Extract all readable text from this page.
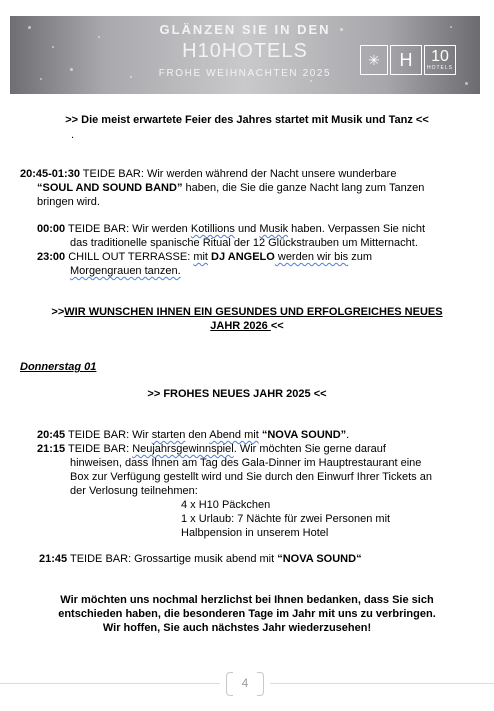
GLÄNZEN SIE IN DEN
H10HOTELS
FROHE WEIHNACHTEN 2025
✳	H	10
HOTELS
>> Die meist erwartete Feier des Jahres startet mit Musik und Tanz <<
.
20:45-01:30 TEIDE BAR: Wir werden während der Nacht unsere wunderbare
“SOUL AND SOUND BAND” haben, die Sie die ganze Nacht lang zum Tanzen
bringen wird.
00:00 TEIDE BAR: Wir werden Kotillions und Musik haben. Verpassen Sie nicht
das traditionelle spanische Ritual der 12 Glückstrauben um Mitternacht.
23:00 CHILL OUT TERRASSE: mit DJ ANGELO werden wir bis zum
Morgengrauen tanzen.
>>WIR WUNSCHEN IHNEN EIN GESUNDES UND ERFOLGREICHES NEUES
JAHR 2026 <<
Donnerstag 01
>> FROHES NEUES JAHR 2025 <<
20:45 TEIDE BAR: Wir starten den Abend mit “NOVA SOUND”.
21:15 TEIDE BAR: Neujahrsgewinnspiel. Wir möchten Sie gerne darauf
hinweisen, dass Ihnen am Tag des Gala-Dinner im Hauptrestaurant eine
Box zur Verfügung gestellt wird und Sie durch den Einwurf Ihrer Tickets an
der Verlosung teilnehmen:
4 x H10 Päckchen
1 x Urlaub: 7 Nächte für zwei Personen mit
Halbpension in unserem Hotel
21:45 TEIDE BAR: Grossartige musik abend mit “NOVA SOUND“
Wir möchten uns nochmal herzlichst bei Ihnen bedanken, dass Sie sich
entschieden haben, die besonderen Tage im Jahr mit uns zu verbringen.
Wir hoffen, Sie auch nächstes Jahr wiederzusehen!
4
